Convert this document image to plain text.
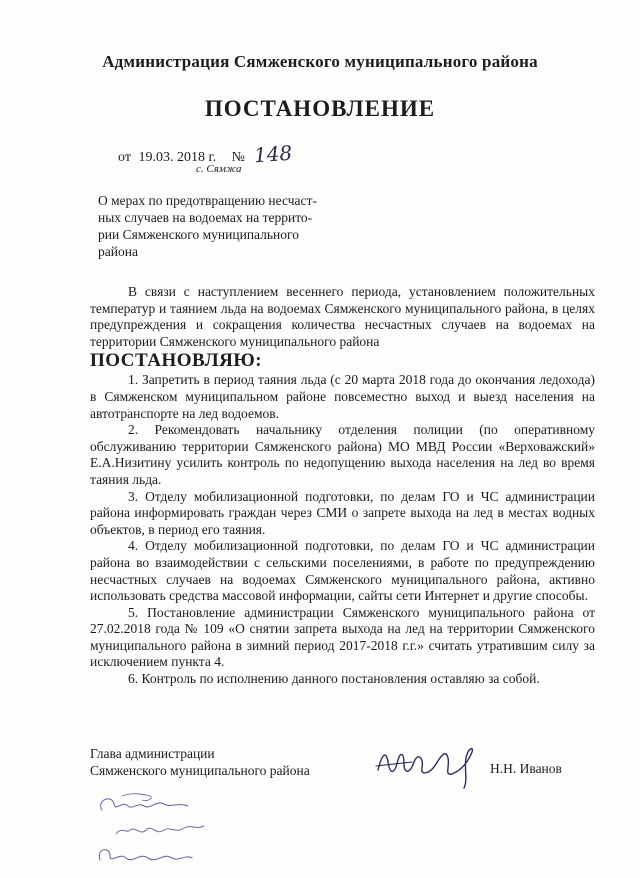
Администрация Сямженского муниципального района
ПОСТАНОВЛЕНИЕ
от 19.03. 2018 г. № 148
с. Сямжа
О мерах по предотвращению несчаст-
ных случаев на водоемах на террито-
рии Сямженского муниципального
района

В связи с наступлением весеннего периода, установлением положительных температур и таянием льда на водоемах Сямженского муниципального района, в целях предупреждения и сокращения количества несчастных случаев на водоемах на территории Сямженского муниципального района

ПОСТАНОВЛЯЮ:

1. Запретить в период таяния льда (с 20 марта 2018 года до окончания ледохода) в Сямженском муниципальном районе повсеместно выход и выезд населения на автотранспорте на лед водоемов.

2. Рекомендовать начальнику отделения полиции (по оперативному обслуживанию территории Сямженского района) МО МВД России «Верховажский» Е.А.Низитину усилить контроль по недопущению выхода населения на лед во время таяния льда.

3. Отделу мобилизационной подготовки, по делам ГО и ЧС администрации района информировать граждан через СМИ о запрете выхода на лед в местах водных объектов, в период его таяния.

4. Отделу мобилизационной подготовки, по делам ГО и ЧС администрации района во взаимодействии с сельскими поселениями, в работе по предупреждению несчастных случаев на водоемах Сямженского муниципального района, активно использовать средства массовой информации, сайты сети Интернет и другие способы.

5. Постановление администрации Сямженского муниципального района от 27.02.2018 года № 109 «О снятии запрета выхода на лед на территории Сямженского муниципального района в зимний период 2017-2018 г.г.» считать утратившим силу за исключением пункта 4.

6. Контроль по исполнению данного постановления оставляю за собой.

Глава администрации
Сямженского муниципального района	Н.Н. Иванов
